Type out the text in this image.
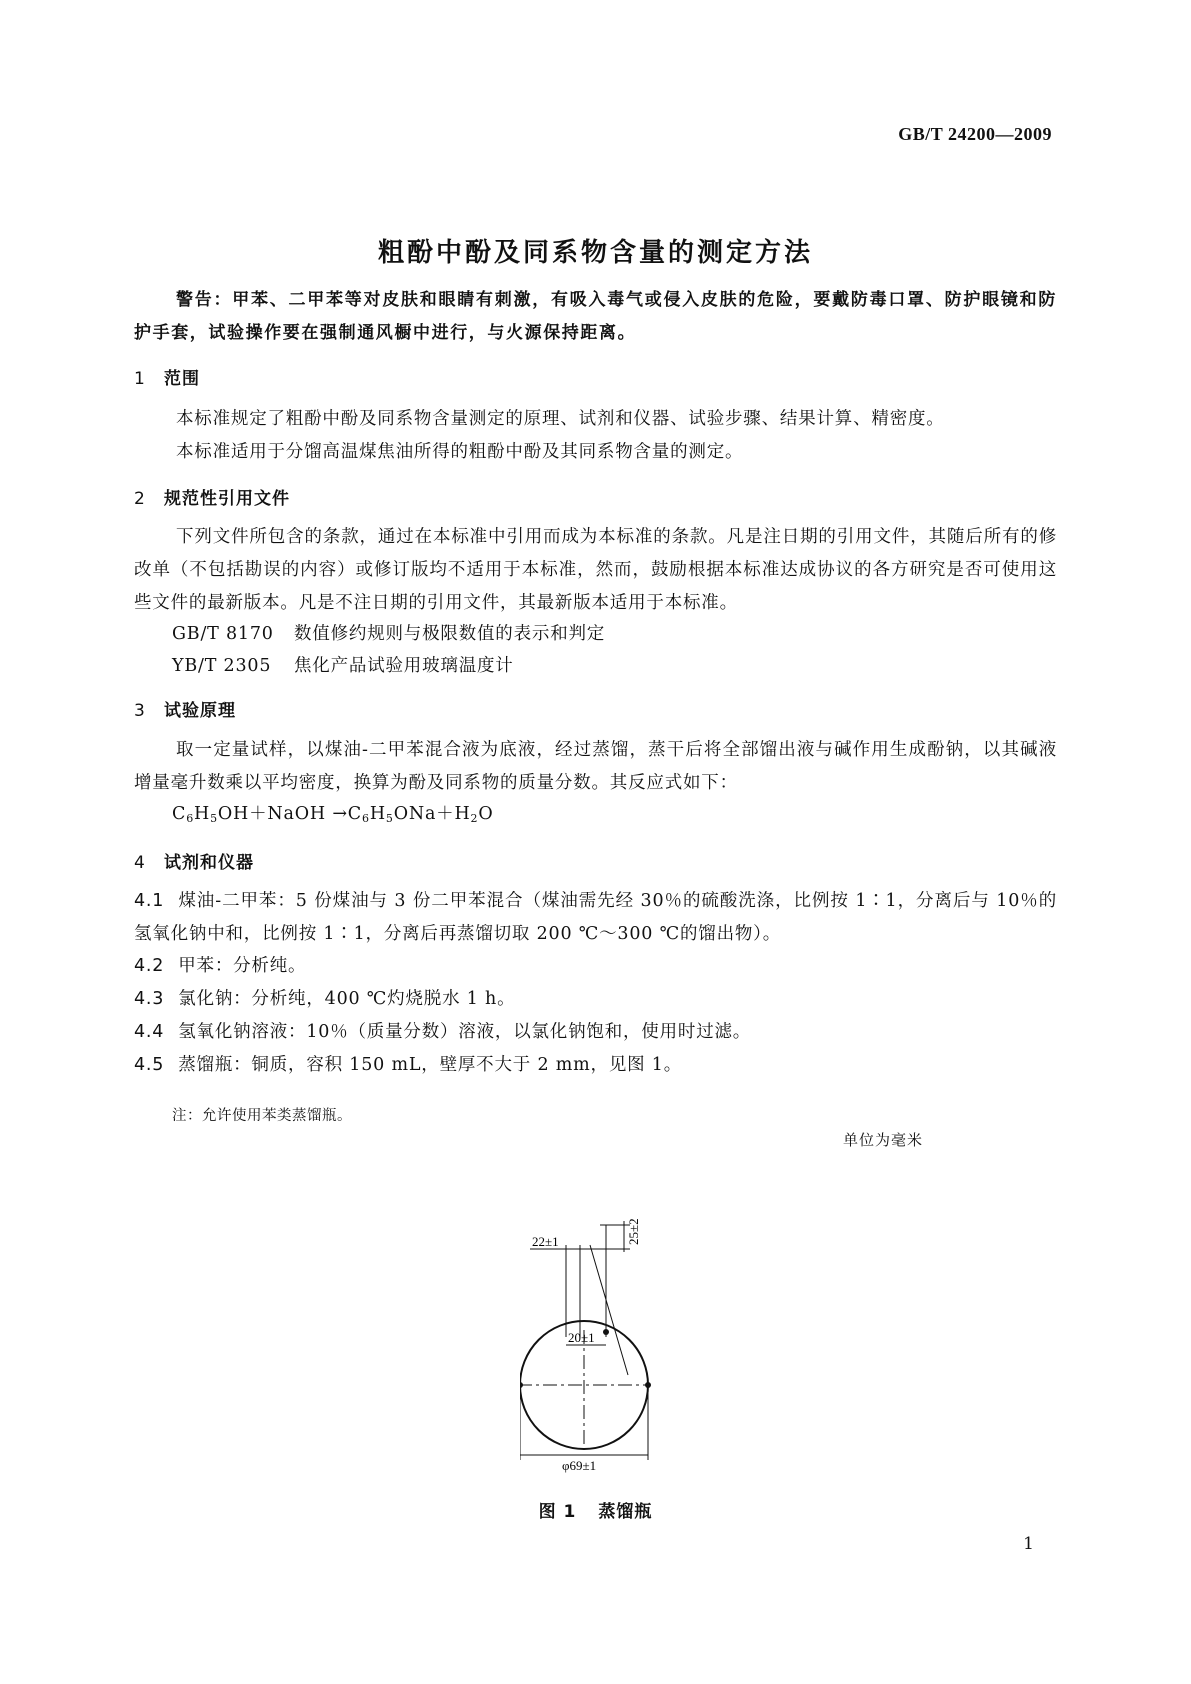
GB/T 24200—2009
粗酚中酚及同系物含量的测定方法
警告：甲苯、二甲苯等对皮肤和眼睛有刺激，有吸入毒气或侵入皮肤的危险，要戴防毒口罩、防护眼镜和防护手套，试验操作要在强制通风橱中进行，与火源保持距离。
1 范围
本标准规定了粗酚中酚及同系物含量测定的原理、试剂和仪器、试验步骤、结果计算、精密度。
本标准适用于分馏高温煤焦油所得的粗酚中酚及其同系物含量的测定。
2 规范性引用文件
下列文件所包含的条款，通过在本标准中引用而成为本标准的条款。凡是注日期的引用文件，其随后所有的修改单（不包括勘误的内容）或修订版均不适用于本标准，然而，鼓励根据本标准达成协议的各方研究是否可使用这些文件的最新版本。凡是不注日期的引用文件，其最新版本适用于本标准。
GB/T 8170 数值修约规则与极限数值的表示和判定
YB/T 2305 焦化产品试验用玻璃温度计
3 试验原理
取一定量试样，以煤油-二甲苯混合液为底液，经过蒸馏，蒸干后将全部馏出液与碱作用生成酚钠，以其碱液增量毫升数乘以平均密度，换算为酚及同系物的质量分数。其反应式如下：
$C_6H_5OH+NaOH \to C_6H_5ONa+H_2O$
4 试剂和仪器
4.1 煤油-二甲苯：5 份煤油与 3 份二甲苯混合（煤油需先经 30％的硫酸洗涤，比例按 1∶1，分离后与 10％的氢氧化钠中和，比例按 1∶1，分离后再蒸馏切取 200 ℃～300 ℃的馏出物）。
4.2 甲苯：分析纯。
4.3 氯化钠：分析纯，400 ℃灼烧脱水 1 h。
4.4 氢氧化钠溶液：10％（质量分数）溶液，以氯化钠饱和，使用时过滤。
4.5 蒸馏瓶：铜质，容积 150 mL，壁厚不大于 2 mm，见图 1。
注：允许使用苯类蒸馏瓶。
单位为毫米
22±1	25±2
20±1
φ69±1
图 1 蒸馏瓶
1
